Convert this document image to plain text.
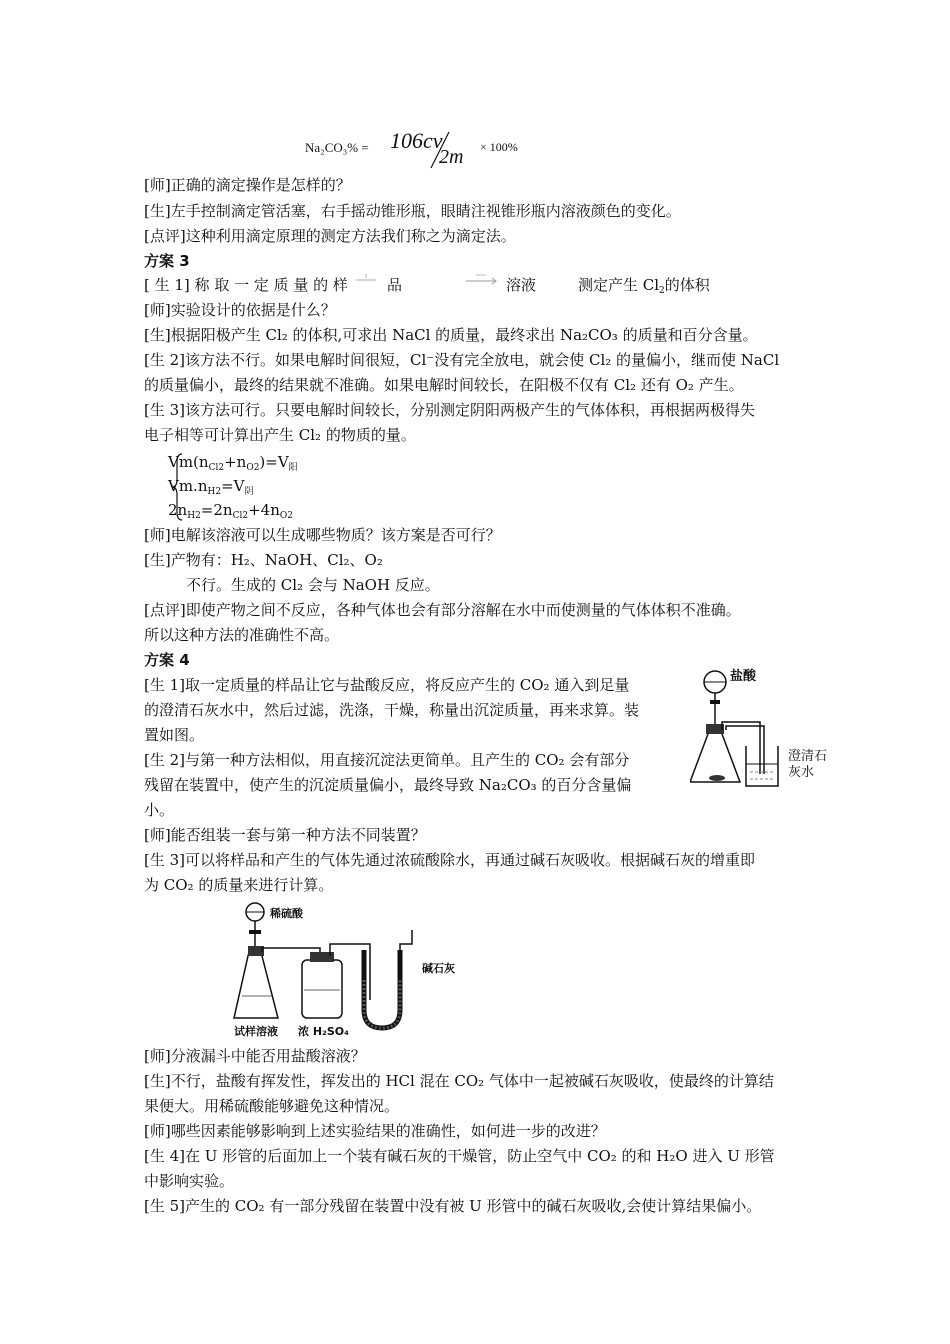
Na₂CO₃% = 106cv
2m × 100%
[师]正确的滴定操作是怎样的？
[生]左手控制滴定管活塞，右手摇动锥形瓶，眼睛注视锥形瓶内溶液颜色的变化。
[点评]这种利用滴定原理的测定方法我们称之为滴定法。
方案 3
[ 生 1] 称 取 一 定 质 量 的 样	品	溶液	测定产生 $Cl_2$的体积
[师]实验设计的依据是什么？
[生]根据阳极产生 Cl₂ 的体积,可求出 NaCl 的质量，最终求出 Na₂CO₃ 的质量和百分含量。
[生 2]该方法不行。如果电解时间很短，Cl⁻没有完全放电，就会使 Cl₂ 的量偏小，继而使 NaCl
的质量偏小，最终的结果就不准确。如果电解时间较长，在阳极不仅有 Cl₂ 还有 O₂ 产生。
[生 3]该方法可行。只要电解时间较长，分别测定阴阳两极产生的气体体积，再根据两极得失
电子相等可计算出产生 Cl₂ 的物质的量。
$Vm(n_{Cl2}+n_{O2})=V_阳$
$Vm.n_{H2}=V_阴$
$2n_{H2}=2n_{Cl2}+4n_{O2}$
[师]电解该溶液可以生成哪些物质？该方案是否可行？
[生]产物有：H₂、NaOH、Cl₂、O₂
不行。生成的 Cl₂ 会与 NaOH 反应。
[点评]即使产物之间不反应，各种气体也会有部分溶解在水中而使测量的气体体积不准确。
所以这种方法的准确性不高。
方案 4
[生 1]取一定质量的样品让它与盐酸反应，将反应产生的 CO₂ 通入到足量
的澄清石灰水中，然后过滤，洗涤，干燥，称量出沉淀质量，再来求算。装
置如图。
[生 2]与第一种方法相似，用直接沉淀法更简单。且产生的 CO₂ 会有部分
残留在装置中，使产生的沉淀质量偏小，最终导致 Na₂CO₃ 的百分含量偏
小。
[师]能否组装一套与第一种方法不同装置？
[生 3]可以将样品和产生的气体先通过浓硫酸除水，再通过碱石灰吸收。根据碱石灰的增重即
为 CO₂ 的质量来进行计算。
盐酸
澄清石
灰水
稀硫酸
碱石灰
试样溶液 浓 H₂SO₄
[师]分液漏斗中能否用盐酸溶液？
[生]不行，盐酸有挥发性，挥发出的 HCl 混在 CO₂ 气体中一起被碱石灰吸收，使最终的计算结
果便大。用稀硫酸能够避免这种情况。
[师]哪些因素能够影响到上述实验结果的准确性，如何进一步的改进？
[生 4]在 U 形管的后面加上一个装有碱石灰的干燥管，防止空气中 CO₂ 的和 H₂O 进入 U 形管
中影响实验。
[生 5]产生的 CO₂ 有一部分残留在装置中没有被 U 形管中的碱石灰吸收,会使计算结果偏小。
